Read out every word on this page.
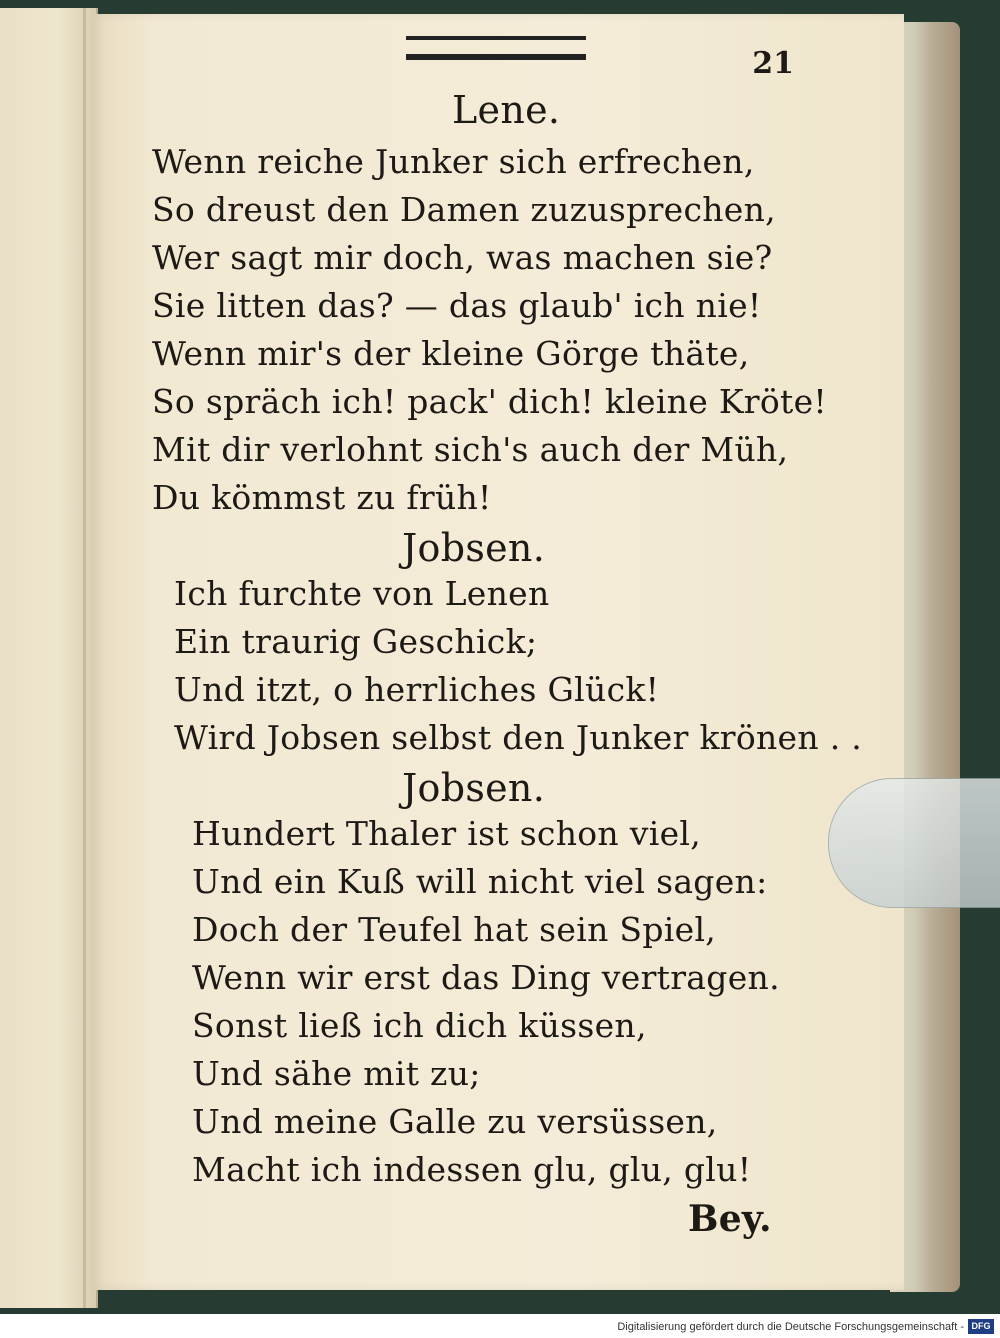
21
Lene.
Wenn reiche Junker sich erfrechen,
So dreust den Damen zuzusprechen,
Wer sagt mir doch, was machen sie?
Sie litten das? — das glaub' ich nie!
Wenn mir's der kleine Görge thäte,
So spräch ich! pack' dich! kleine Kröte!
Mit dir verlohnt sich's auch der Müh,
Du kömmst zu früh!
Jobsen.
Ich furchte von Lenen
Ein traurig Geschick;
Und itzt, o herrliches Glück!
Wird Jobsen selbst den Junker krönen . .
Jobsen.
Hundert Thaler ist schon viel,
Und ein Kuß will nicht viel sagen:
Doch der Teufel hat sein Spiel,
Wenn wir erst das Ding vertragen.
Sonst ließ ich dich küssen,
Und sähe mit zu;
Und meine Galle zu versüssen,
Macht ich indessen glu, glu, glu!
Bey.
Digitalisierung gefördert durch die Deutsche Forschungsgemeinschaft - DFG
